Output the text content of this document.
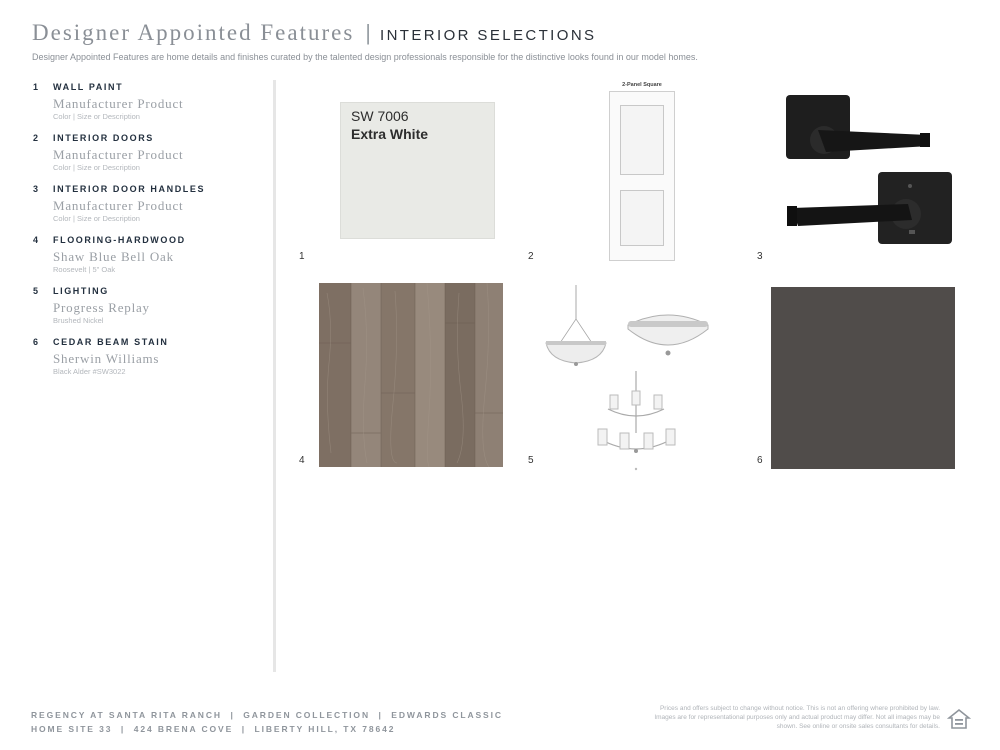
Designer Appointed Features | INTERIOR SELECTIONS
Designer Appointed Features are home details and finishes curated by the talented design professionals responsible for the distinctive looks found in our model homes.
1	WALL PAINT
Manufacturer Product
Color | Size or Description
2	INTERIOR DOORS
Manufacturer Product
Color | Size or Description
3	INTERIOR DOOR HANDLES
Manufacturer Product
Color | Size or Description
4	FLOORING-HARDWOOD
Shaw Blue Bell Oak
Roosevelt | 5" Oak
5	LIGHTING
Progress Replay
Brushed Nickel
6	CEDAR BEAM STAIN
Sherwin Williams
Black Alder #SW3022
SW 7006
Extra White
1
2-Panel Square
2	3
4	5	6
REGENCY AT SANTA RITA RANCH  |  GARDEN COLLECTION  |  EDWARDS CLASSIC
HOME SITE 33  |  424 BRENA COVE  |  LIBERTY HILL, TX 78642
Prices and offers subject to change without notice. This is not an offering where prohibited by law. Images are for representational purposes only and actual product may differ. Not all images may be shown. See online or onsite sales consultants for details.
